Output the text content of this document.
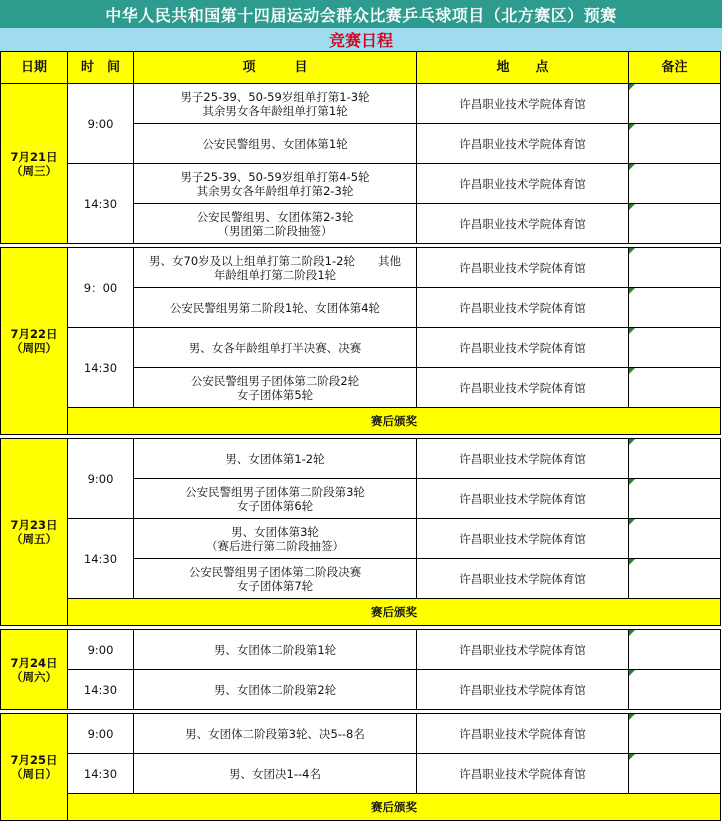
中华人民共和国第十四届运动会群众比赛乒乓球项目（北方赛区）预赛
竞赛日程
日期	时　间	项　　　目	地　　点	备注

7月21日
（周三）	9:00	男子25-39、50-59岁组单打第1-3轮
其余男女各年龄组单打第1轮	许昌职业技术学院体育馆	

		公安民警组男、女团体第1轮	许昌职业技术学院体育馆	

	14:30	男子25-39、50-59岁组单打第4-5轮
其余男女各年龄组单打第2-3轮	许昌职业技术学院体育馆	

		公安民警组男、女团体第2-3轮
（男团第二阶段抽签）	许昌职业技术学院体育馆	

7月22日
（周四）	9：00	男、女70岁及以上组单打第二阶段1-2轮　　其他
年龄组单打第二阶段1轮	许昌职业技术学院体育馆	

		公安民警组男第二阶段1轮、女团体第4轮	许昌职业技术学院体育馆	

	14:30	男、女各年龄组单打半决赛、决赛	许昌职业技术学院体育馆	

		公安民警组男子团体第二阶段2轮
女子团体第5轮	许昌职业技术学院体育馆	

	赛后颁奖			

7月23日
（周五）	9:00	男、女团体第1-2轮	许昌职业技术学院体育馆	

		公安民警组男子团体第二阶段第3轮
女子团体第6轮	许昌职业技术学院体育馆	

	14:30	男、女团体第3轮
（赛后进行第二阶段抽签）	许昌职业技术学院体育馆	

		公安民警组男子团体第二阶段决赛
女子团体第7轮	许昌职业技术学院体育馆	

	赛后颁奖			

7月24日
（周六）	9:00	男、女团体二阶段第1轮	许昌职业技术学院体育馆	

	14:30	男、女团体二阶段第2轮	许昌职业技术学院体育馆	

7月25日
（周日）	9:00	男、女团体二阶段第3轮、决5--8名	许昌职业技术学院体育馆	

	14:30	男、女团决1--4名	许昌职业技术学院体育馆	

	赛后颁奖			
